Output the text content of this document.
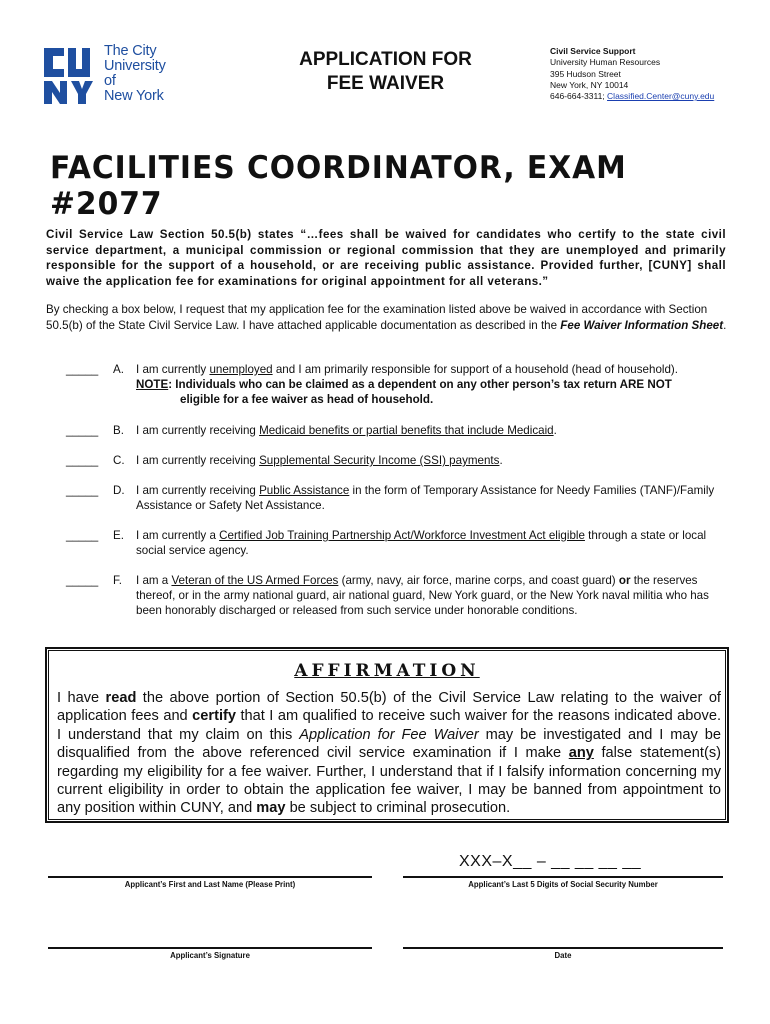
The City
University
of
New York
APPLICATION FOR
FEE WAIVER
Civil Service Support
University Human Resources
395 Hudson Street
New York, NY 10014
646-664-3311; Classified.Center@cuny.edu
FACILITIES COORDINATOR, EXAM #2077
Civil Service Law Section 50.5(b) states “…fees shall be waived for candidates who certify to the state civil service department, a municipal commission or regional commission that they are unemployed and primarily responsible for the support of a household, or are receiving public assistance. Provided further, [CUNY] shall waive the application fee for examinations for original appointment for all veterans.”
By checking a box below, I request that my application fee for the examination listed above be waived in accordance with Section 50.5(b) of the State Civil Service Law. I have attached applicable documentation as described in the Fee Waiver Information Sheet.
_____	A. I am currently unemployed and I am primarily responsible for support of a household (head of household).
NOTE: Individuals who can be claimed as a dependent on any other person’s tax return ARE NOT
eligible for a fee waiver as head of household.
_____	B. I am currently receiving Medicaid benefits or partial benefits that include Medicaid.
_____	C. I am currently receiving Supplemental Security Income (SSI) payments.
_____	D. I am currently receiving Public Assistance in the form of Temporary Assistance for Needy Families (TANF)/Family Assistance or Safety Net Assistance.
_____	E. I am currently a Certified Job Training Partnership Act/Workforce Investment Act eligible through a state or local social service agency.
_____	F. I am a Veteran of the US Armed Forces (army, navy, air force, marine corps, and coast guard) or the reserves thereof, or in the army national guard, air national guard, New York guard, or the New York naval militia who has been honorably discharged or released from such service under honorable conditions.
AFFIRMATION
I have read the above portion of Section 50.5(b) of the Civil Service Law relating to the waiver of application fees and certify that I am qualified to receive such waiver for the reasons indicated above. I understand that my claim on this Application for Fee Waiver may be investigated and I may be disqualified from the above referenced civil service examination if I make any false statement(s) regarding my eligibility for a fee waiver. Further, I understand that if I falsify information concerning my current eligibility in order to obtain the application fee waiver, I may be banned from appointment to any position within CUNY, and may be subject to criminal prosecution.
XXX–X__ – __ __ __ __
Applicant’s First and Last Name (Please Print)	Applicant’s Last 5 Digits of Social Security Number
Applicant’s Signature	Date
